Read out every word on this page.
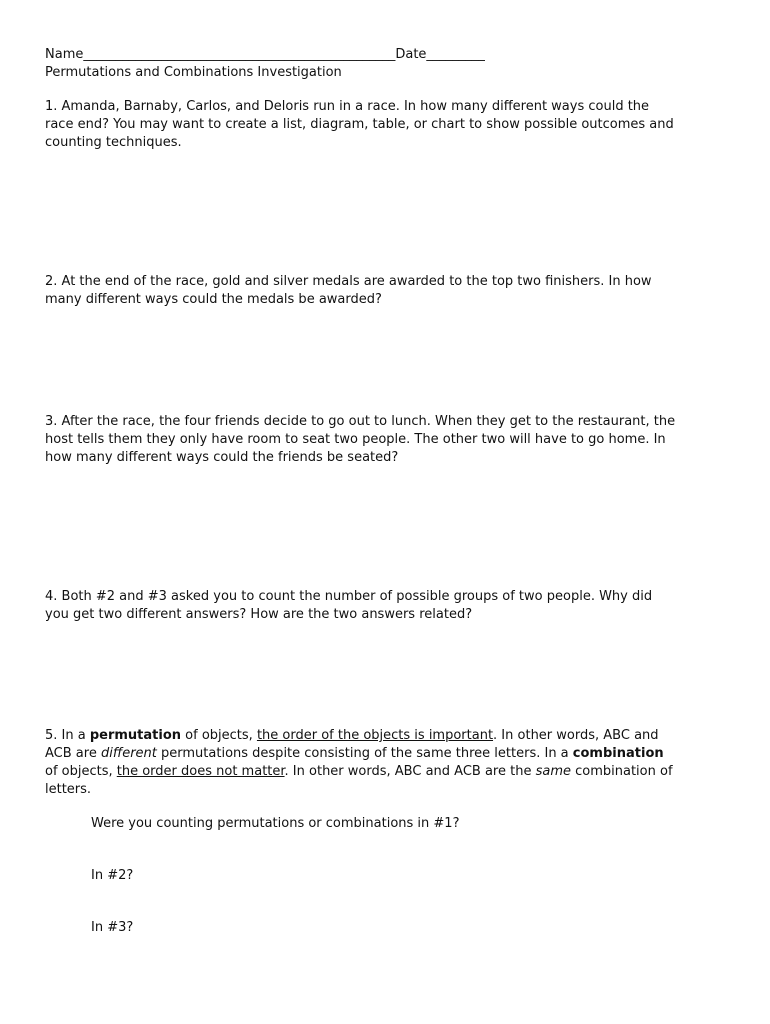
Name________________________________________________Date_________
Permutations and Combinations Investigation
1. Amanda, Barnaby, Carlos, and Deloris run in a race. In how many different ways could the
race end? You may want to create a list, diagram, table, or chart to show possible outcomes and
counting techniques.
2. At the end of the race, gold and silver medals are awarded to the top two finishers. In how
many different ways could the medals be awarded?
3. After the race, the four friends decide to go out to lunch. When they get to the restaurant, the
host tells them they only have room to seat two people. The other two will have to go home. In
how many different ways could the friends be seated?
4. Both #2 and #3 asked you to count the number of possible groups of two people. Why did
you get two different answers? How are the two answers related?
5. In a permutation of objects, the order of the objects is important. In other words, ABC and
ACB are different permutations despite consisting of the same three letters. In a combination
of objects, the order does not matter. In other words, ABC and ACB are the same combination of
letters.
Were you counting permutations or combinations in #1?
In #2?
In #3?
